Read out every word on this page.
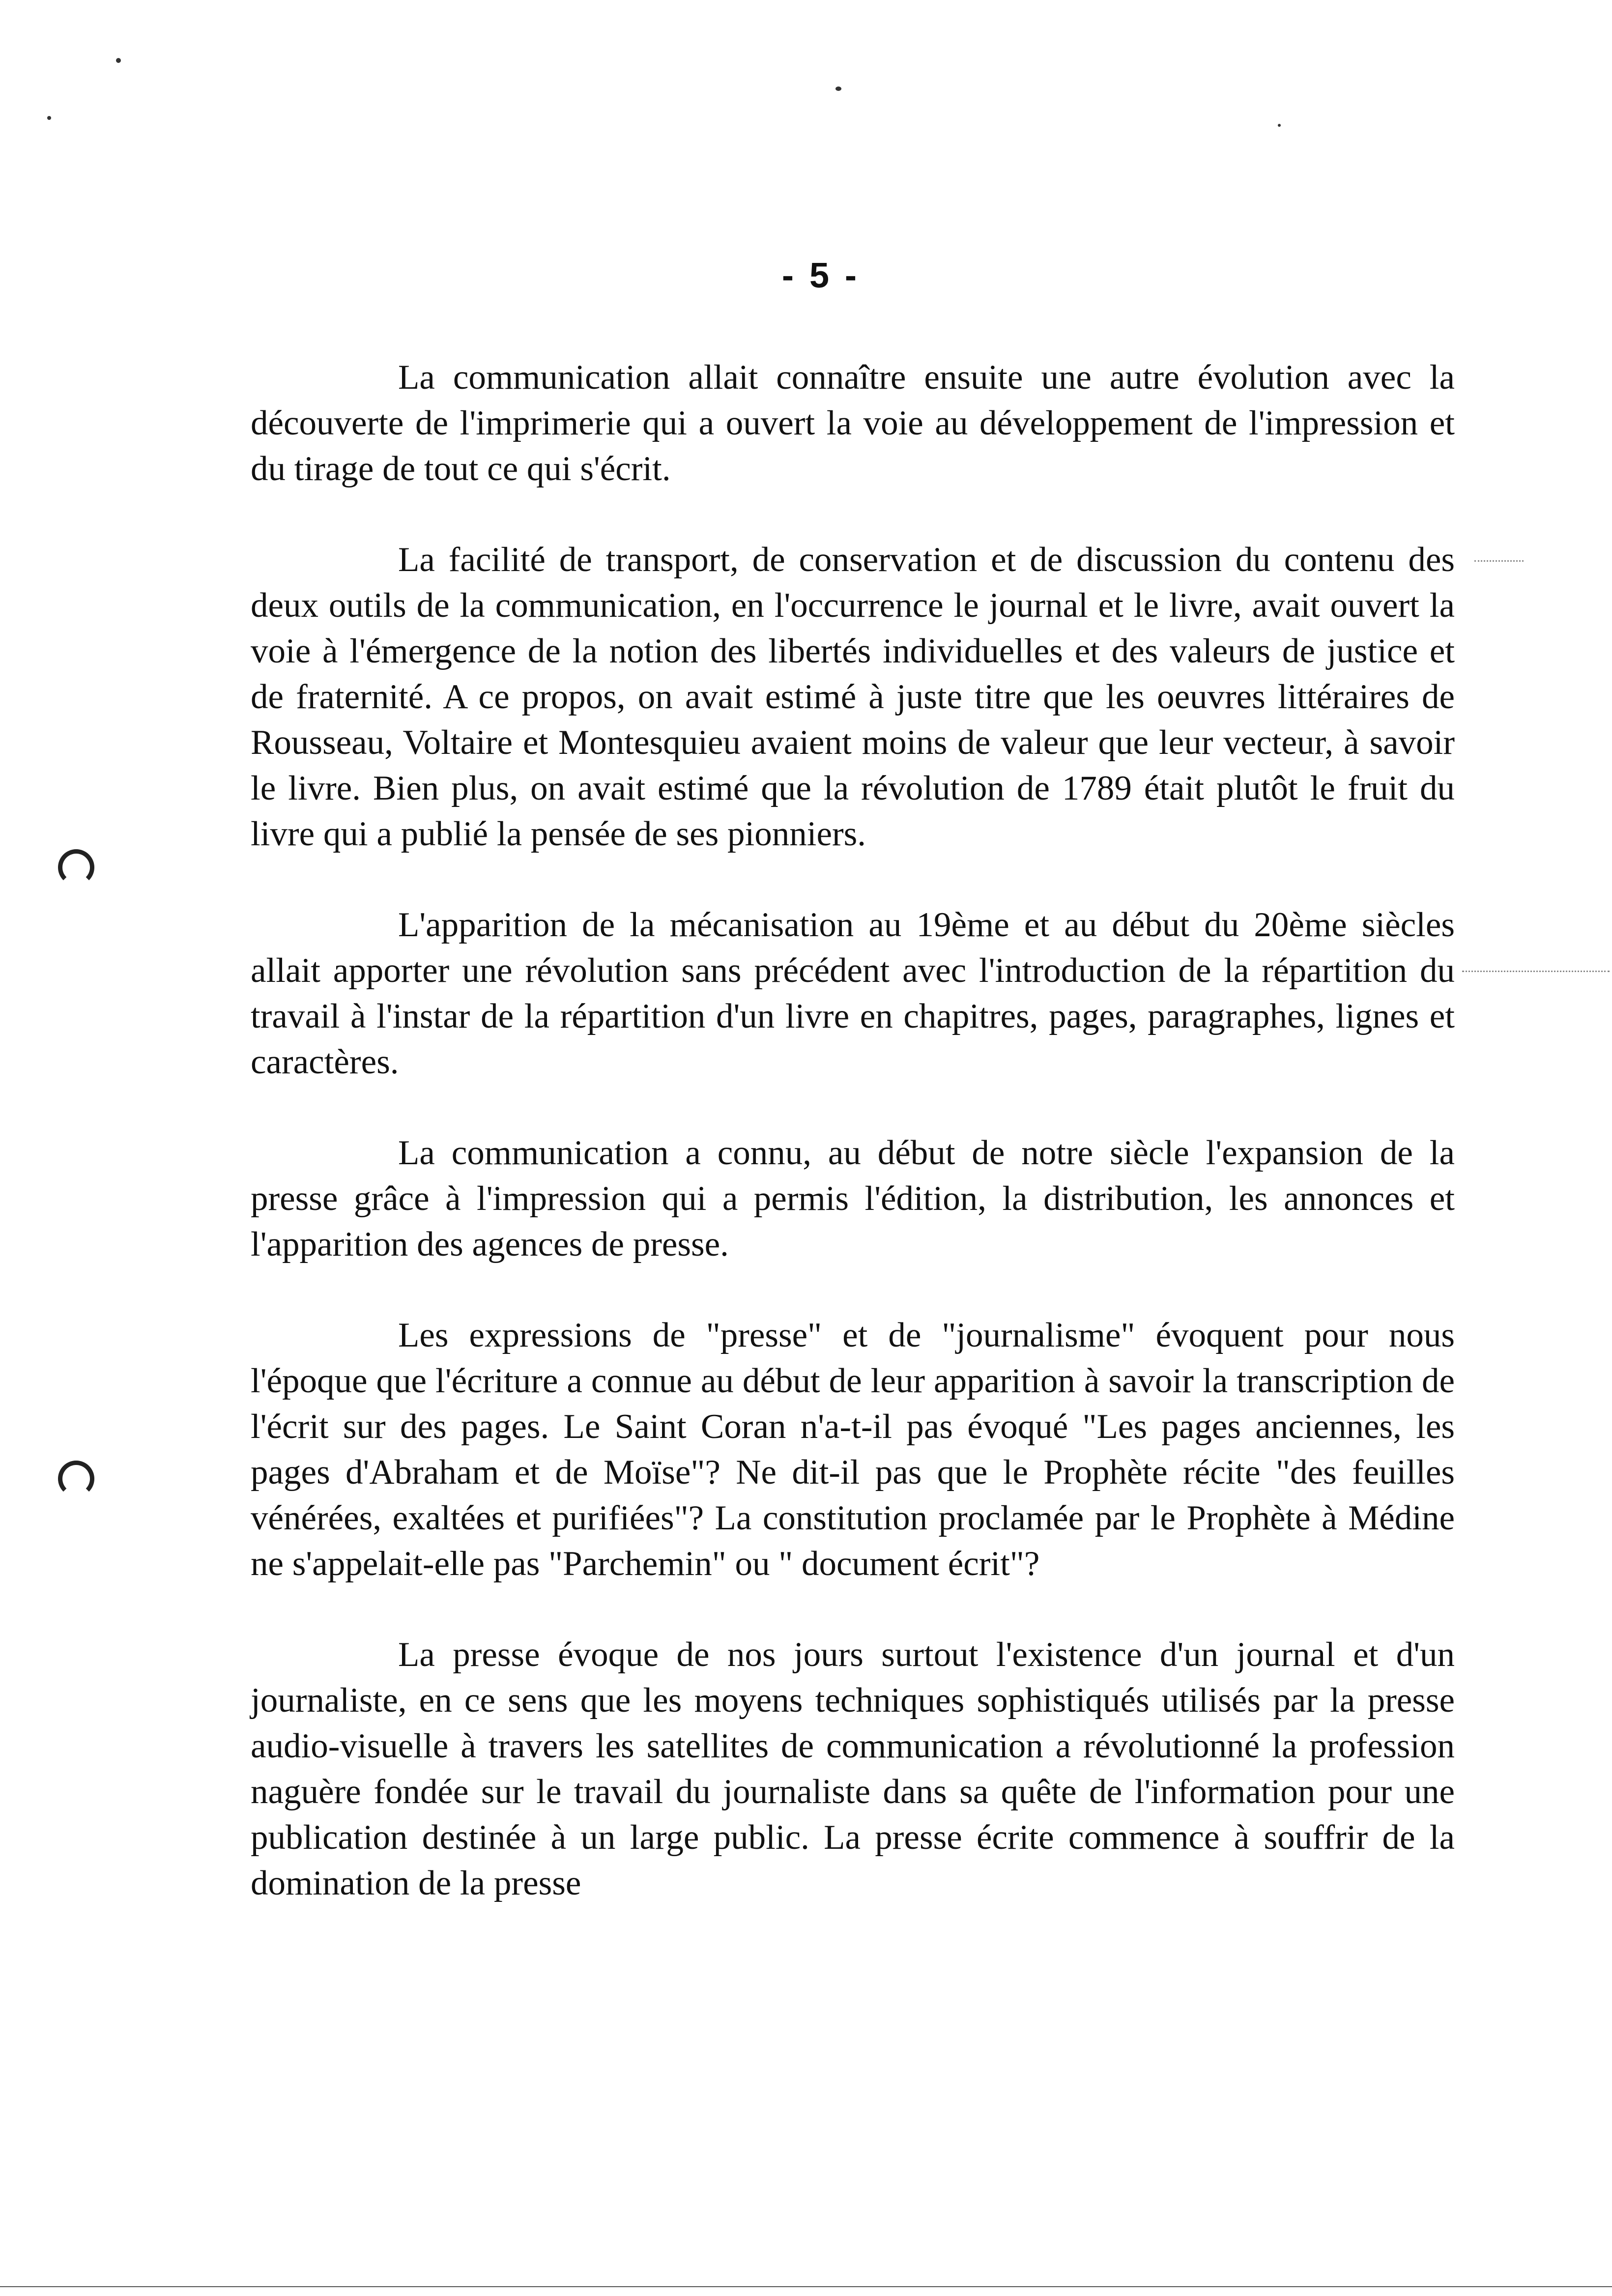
- 5 -

La communication allait connaître ensuite une autre évolution avec la découverte de l'imprimerie qui a ouvert la voie au développement de l'impression et du tirage de tout ce qui s'écrit.

La facilité de transport, de conservation et de discussion du contenu des deux outils de la communication, en l'occurrence le journal et le livre, avait ouvert la voie à l'émergence de la notion des libertés individuelles et des valeurs de justice et de fraternité. A ce propos, on avait estimé à juste titre que les oeuvres littéraires de Rousseau, Voltaire et Montesquieu avaient moins de valeur que leur vecteur, à savoir le livre. Bien plus, on avait estimé que la révolution de 1789 était plutôt le fruit du livre qui a publié la pensée de ses pionniers.

L'apparition de la mécanisation au 19ème et au début du 20ème siècles allait apporter une révolution sans précédent avec l'introduction de la répartition du travail à l'instar de la répartition d'un livre en chapitres, pages, paragraphes, lignes et caractères.

La communication a connu, au début de notre siècle l'expansion de la presse grâce à l'impression qui a permis l'édition, la distribution, les annonces et l'apparition des agences de presse.

Les expressions de "presse" et de "journalisme" évoquent pour nous l'époque que l'écriture a connue au début de leur apparition à savoir la transcription de l'écrit sur des pages. Le Saint Coran n'a-t-il pas évoqué "Les pages anciennes, les pages d'Abraham et de Moïse"? Ne dit-il pas que le Prophète récite "des feuilles vénérées, exaltées et purifiées"? La constitution proclamée par le Prophète à Médine ne s'appelait-elle pas "Parchemin" ou " document écrit"?

La presse évoque de nos jours surtout l'existence d'un journal et d'un journaliste, en ce sens que les moyens techniques sophistiqués utilisés par la presse audio-visuelle à travers les satellites de communication a révolutionné la profession naguère fondée sur le travail du journaliste dans sa quête de l'information pour une publication destinée à un large public. La presse écrite commence à souffrir de la domination de la presse
